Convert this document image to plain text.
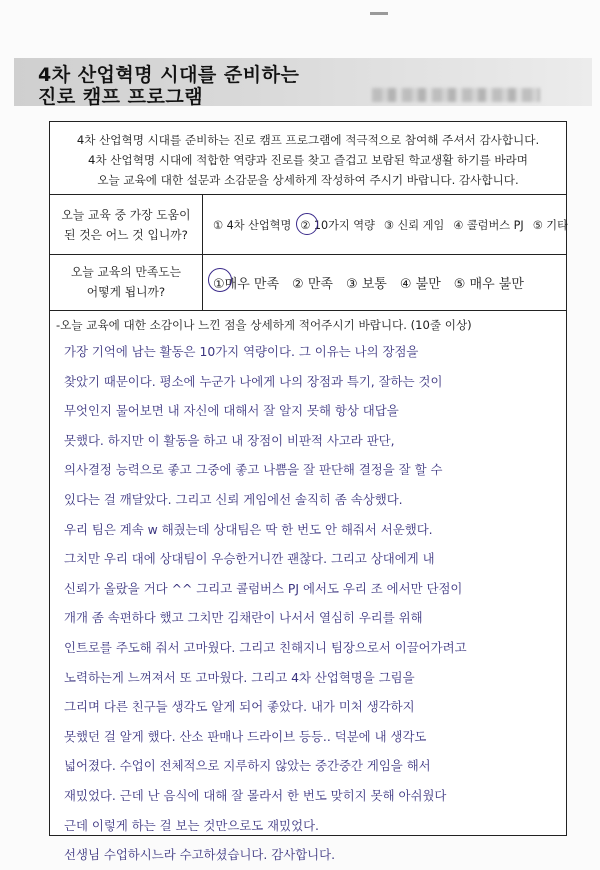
4차 산업혁명 시대를 준비하는
진로 캠프 프로그램
4차 산업혁명 시대를 준비하는 진로 캠프 프로그램에 적극적으로 참여해 주셔서 감사합니다.
4차 산업혁명 시대에 적합한 역량과 진로를 찾고 즐겁고 보람된 학교생활 하기를 바라며
오늘 교육에 대한 설문과 소감문을 상세하게 작성하여 주시기 바랍니다. 감사합니다.
오늘 교육 중 가장 도움이
된 것은 어느 것 입니까?
① 4차 산업혁명 ② 10가지 역량 ③ 신뢰 게임 ④ 콜럼버스 PJ ⑤ 기타
오늘 교육의 만족도는
어떻게 됩니까?
①매우 만족 ② 만족 ③ 보통 ④ 불만 ⑤ 매우 불만
-오늘 교육에 대한 소감이나 느낀 점을 상세하게 적어주시기 바랍니다. (10줄 이상)
가장 기억에 남는 활동은 10가지 역량이다. 그 이유는 나의 장점을
찾았기 때문이다. 평소에 누군가 나에게 나의 장점과 특기, 잘하는 것이
무엇인지 물어보면 내 자신에 대해서 잘 알지 못해 항상 대답을
못했다. 하지만 이 활동을 하고 내 장점이 비판적 사고라 판단,
의사결정 능력으로 좋고 그중에 좋고 나쁨을 잘 판단해 결정을 잘 할 수
있다는 걸 깨달았다. 그리고 신뢰 게임에선 솔직히 좀 속상했다.
우리 팀은 계속 w 해줬는데 상대팀은 딱 한 번도 안 해줘서 서운했다.
그치만 우리 대에 상대팀이 우승한거니깐 괜찮다. 그리고 상대에게 내
신뢰가 올랐을 거다 ^^ 그리고 콜럼버스 PJ 에서도 우리 조 에서만 단점이
개개 좀 속편하다 했고 그치만 김채란이 나서서 열심히 우리를 위해
인트로를 주도해 줘서 고마웠다. 그리고 친해지니 팀장으로서 이끌어가려고
노력하는게 느껴져서 또 고마웠다. 그리고 4차 산업혁명을 그림을
그리며 다른 친구들 생각도 알게 되어 좋았다. 내가 미처 생각하지
못했던 걸 알게 했다. 산소 판매나 드라이브 등등.. 덕분에 내 생각도
넓어졌다. 수업이 전체적으로 지루하지 않았는 중간중간 게임을 해서
재밌었다. 근데 난 음식에 대해 잘 몰라서 한 번도 맞히지 못해 아쉬웠다
근데 이렇게 하는 걸 보는 것만으로도 재밌었다.
선생님 수업하시느라 수고하셨습니다. 감사합니다.
